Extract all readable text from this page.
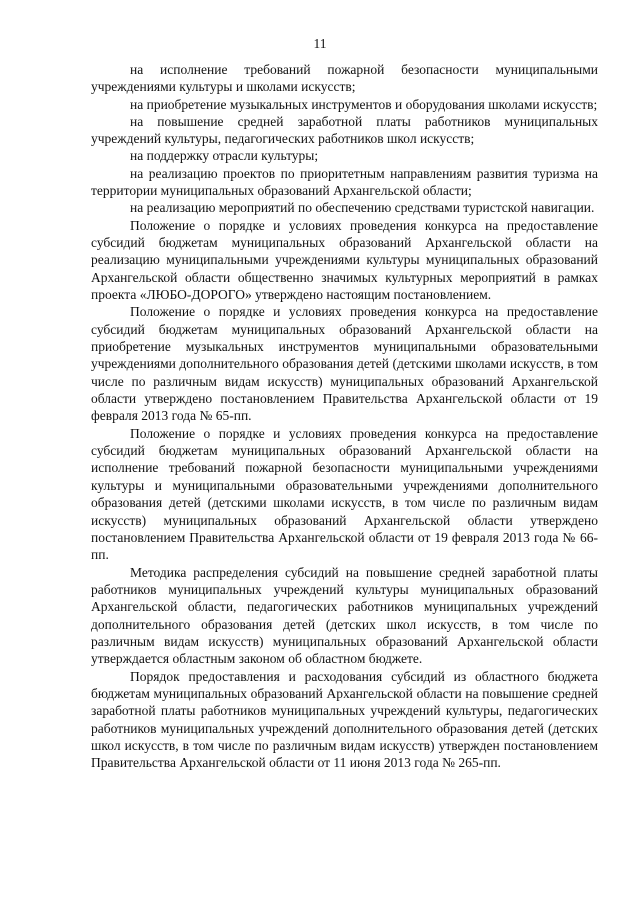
11

на исполнение требований пожарной безопасности муниципальными учреждениями культуры и школами искусств;

на приобретение музыкальных инструментов и оборудования школами искусств;

на повышение средней заработной платы работников муниципальных учреждений культуры, педагогических работников школ искусств;

на поддержку отрасли культуры;

на реализацию проектов по приоритетным направлениям развития туризма на территории муниципальных образований Архангельской области;

на реализацию мероприятий по обеспечению средствами туристской навигации.

Положение о порядке и условиях проведения конкурса на предоставление субсидий бюджетам муниципальных образований Архангельской области на реализацию муниципальными учреждениями культуры муниципальных образований Архангельской области общественно значимых культурных мероприятий в рамках проекта «ЛЮБО-ДОРОГО» утверждено настоящим постановлением.

Положение о порядке и условиях проведения конкурса на предоставление субсидий бюджетам муниципальных образований Архангельской области на приобретение музыкальных инструментов муниципальными образовательными учреждениями дополнительного образования детей (детскими школами искусств, в том числе по различным видам искусств) муниципальных образований Архангельской области утверждено постановлением Правительства Архангельской области от 19 февраля 2013 года № 65-пп.

Положение о порядке и условиях проведения конкурса на предоставление субсидий бюджетам муниципальных образований Архангельской области на исполнение требований пожарной безопасности муниципальными учреждениями культуры и муниципальными образовательными учреждениями дополнительного образования детей (детскими школами искусств, в том числе по различным видам искусств) муниципальных образований Архангельской области утверждено постановлением Правительства Архангельской области от 19 февраля 2013 года № 66-пп.

Методика распределения субсидий на повышение средней заработной платы работников муниципальных учреждений культуры муниципальных образований Архангельской области, педагогических работников муниципальных учреждений дополнительного образования детей (детских школ искусств, в том числе по различным видам искусств) муниципальных образований Архангельской области утверждается областным законом об областном бюджете.

Порядок предоставления и расходования субсидий из областного бюджета бюджетам муниципальных образований Архангельской области на повышение средней заработной платы работников муниципальных учреждений культуры, педагогических работников муниципальных учреждений дополнительного образования детей (детских школ искусств, в том числе по различным видам искусств) утвержден постановлением Правительства Архангельской области от 11 июня 2013 года № 265-пп.
